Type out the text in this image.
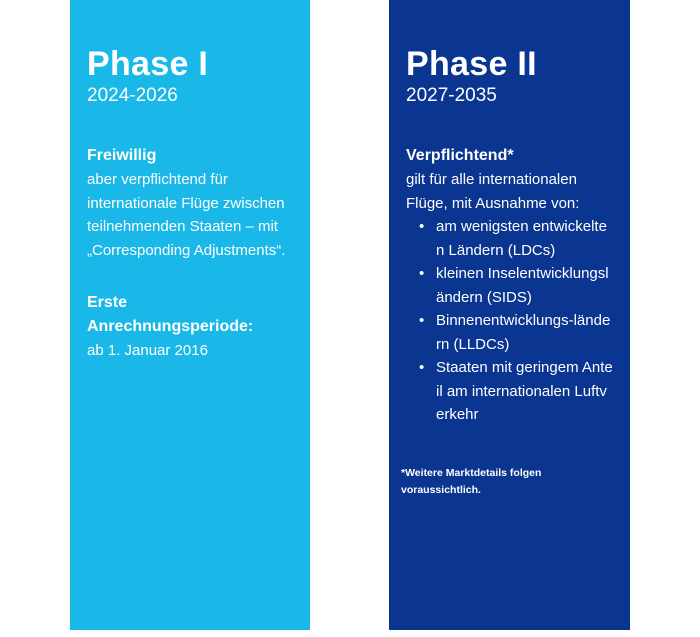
Phase I

2024-2026

Freiwillig

aber verpflichtend für internationale Flüge zwischen teilnehmenden Staaten – mit „Corresponding Adjustments“.

Erste Anrechnungsperiode:

ab 1. Januar 2016

Phase II

2027-2035

Verpflichtend*

gilt für alle internationalen Flüge, mit Ausnahme von:

• am wenigsten entwickelten Ländern (LDCs)
• kleinen Inselentwicklungsländern (SIDS)
• Binnenentwicklungs-ländern (LLDCs)
• Staaten mit geringem Anteil am internationalen Luftverkehr

*Weitere Marktdetails folgen voraussichtlich.
